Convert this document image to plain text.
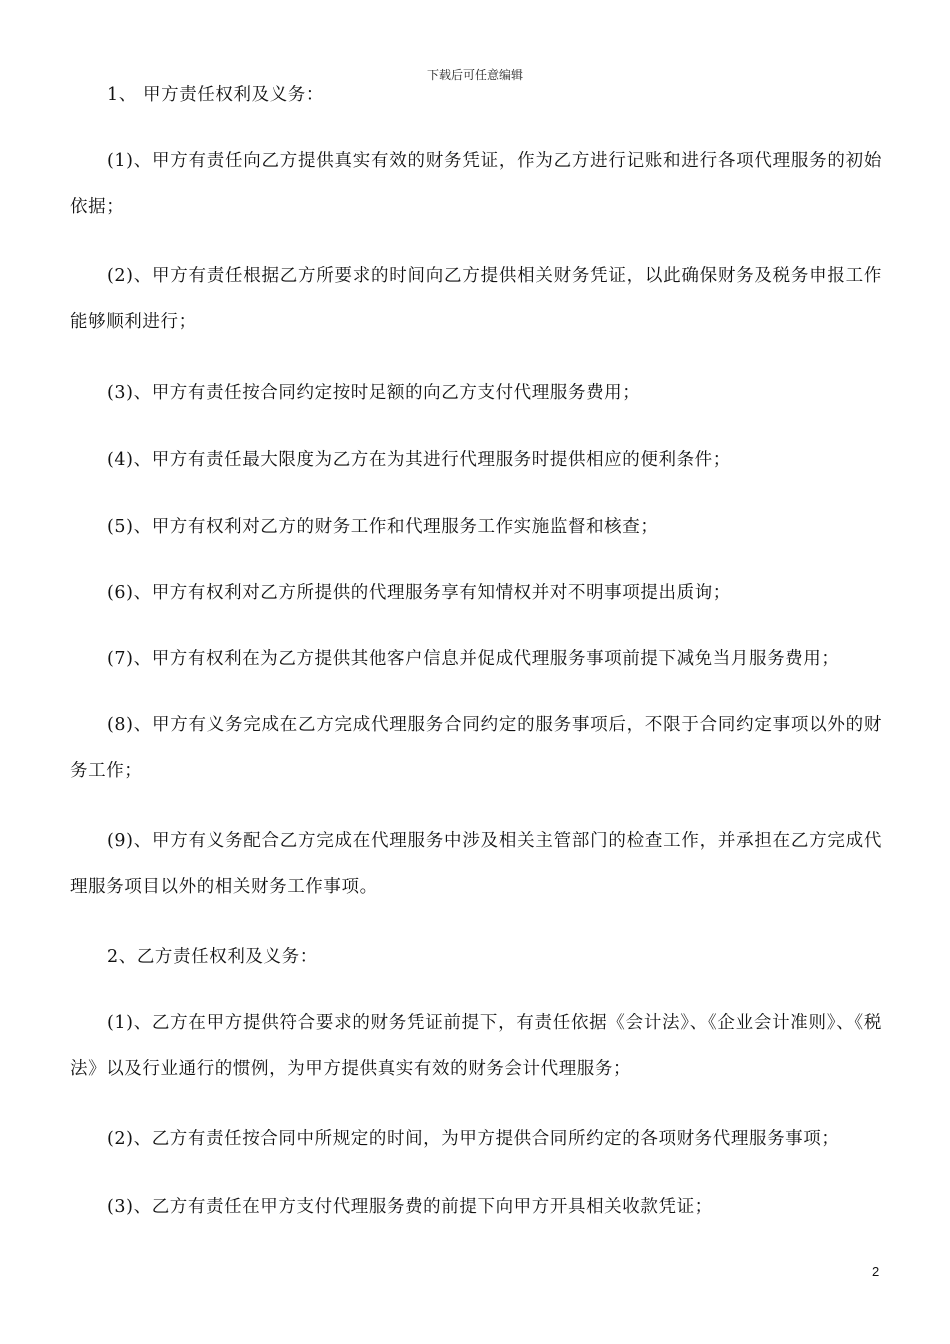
下载后可任意编辑

1、 甲方责任权利及义务：

(1)、甲方有责任向乙方提供真实有效的财务凭证，作为乙方进行记账和进行各项代理服务的初始依据；

(2)、甲方有责任根据乙方所要求的时间向乙方提供相关财务凭证，以此确保财务及税务申报工作能够顺利进行；

(3)、甲方有责任按合同约定按时足额的向乙方支付代理服务费用；

(4)、甲方有责任最大限度为乙方在为其进行代理服务时提供相应的便利条件；

(5)、甲方有权利对乙方的财务工作和代理服务工作实施监督和核查；

(6)、甲方有权利对乙方所提供的代理服务享有知情权并对不明事项提出质询；

(7)、甲方有权利在为乙方提供其他客户信息并促成代理服务事项前提下减免当月服务费用；

(8)、甲方有义务完成在乙方完成代理服务合同约定的服务事项后，不限于合同约定事项以外的财务工作；

(9)、甲方有义务配合乙方完成在代理服务中涉及相关主管部门的检查工作，并承担在乙方完成代理服务项目以外的相关财务工作事项。

2、乙方责任权利及义务：

(1)、乙方在甲方提供符合要求的财务凭证前提下，有责任依据《会计法》、《企业会计准则》、《税法》以及行业通行的惯例，为甲方提供真实有效的财务会计代理服务；

(2)、乙方有责任按合同中所规定的时间，为甲方提供合同所约定的各项财务代理服务事项；

(3)、乙方有责任在甲方支付代理服务费的前提下向甲方开具相关收款凭证；

2
